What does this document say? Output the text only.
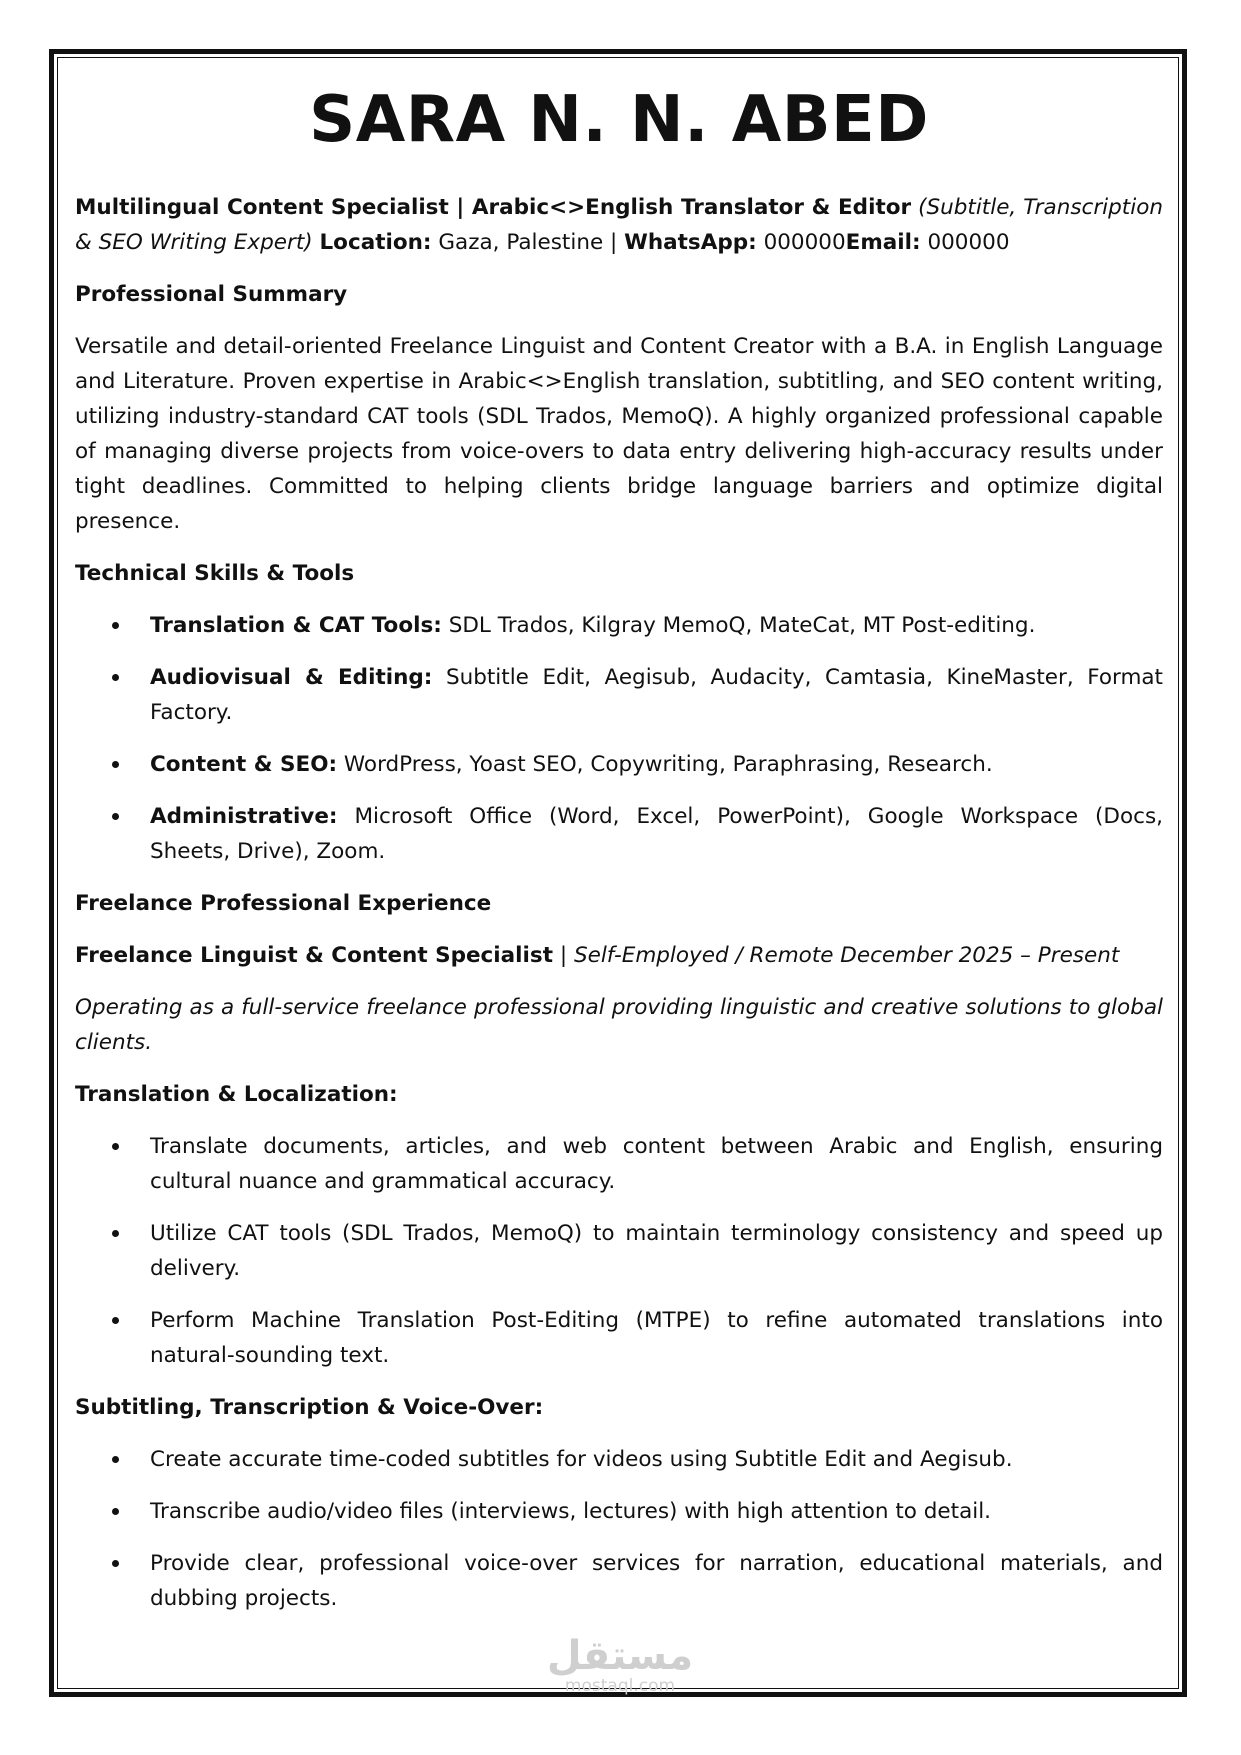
SARA N. N. ABED

Multilingual Content Specialist | Arabic<>English Translator & Editor (Subtitle, Transcription & SEO Writing Expert) Location: Gaza, Palestine | WhatsApp: 000000Email: 000000

Professional Summary

Versatile and detail-oriented Freelance Linguist and Content Creator with a B.A. in English Language and Literature. Proven expertise in Arabic<>English translation, subtitling, and SEO content writing, utilizing industry-standard CAT tools (SDL Trados, MemoQ). A highly organized professional capable of managing diverse projects from voice-overs to data entry delivering high-accuracy results under tight deadlines. Committed to helping clients bridge language barriers and optimize digital presence.

Technical Skills & Tools

Translation & CAT Tools: SDL Trados, Kilgray MemoQ, MateCat, MT Post-editing.
Audiovisual & Editing: Subtitle Edit, Aegisub, Audacity, Camtasia, KineMaster, Format Factory.
Content & SEO: WordPress, Yoast SEO, Copywriting, Paraphrasing, Research.
Administrative: Microsoft Office (Word, Excel, PowerPoint), Google Workspace (Docs, Sheets, Drive), Zoom.

Freelance Professional Experience

Freelance Linguist & Content Specialist | Self-Employed / Remote December 2025 – Present

Operating as a full-service freelance professional providing linguistic and creative solutions to global clients.

Translation & Localization:

Translate documents, articles, and web content between Arabic and English, ensuring cultural nuance and grammatical accuracy.
Utilize CAT tools (SDL Trados, MemoQ) to maintain terminology consistency and speed up delivery.
Perform Machine Translation Post-Editing (MTPE) to refine automated translations into natural-sounding text.

Subtitling, Transcription & Voice-Over:

Create accurate time-coded subtitles for videos using Subtitle Edit and Aegisub.
Transcribe audio/video files (interviews, lectures) with high attention to detail.
Provide clear, professional voice-over services for narration, educational materials, and dubbing projects.
مستقل
mostaql.com
